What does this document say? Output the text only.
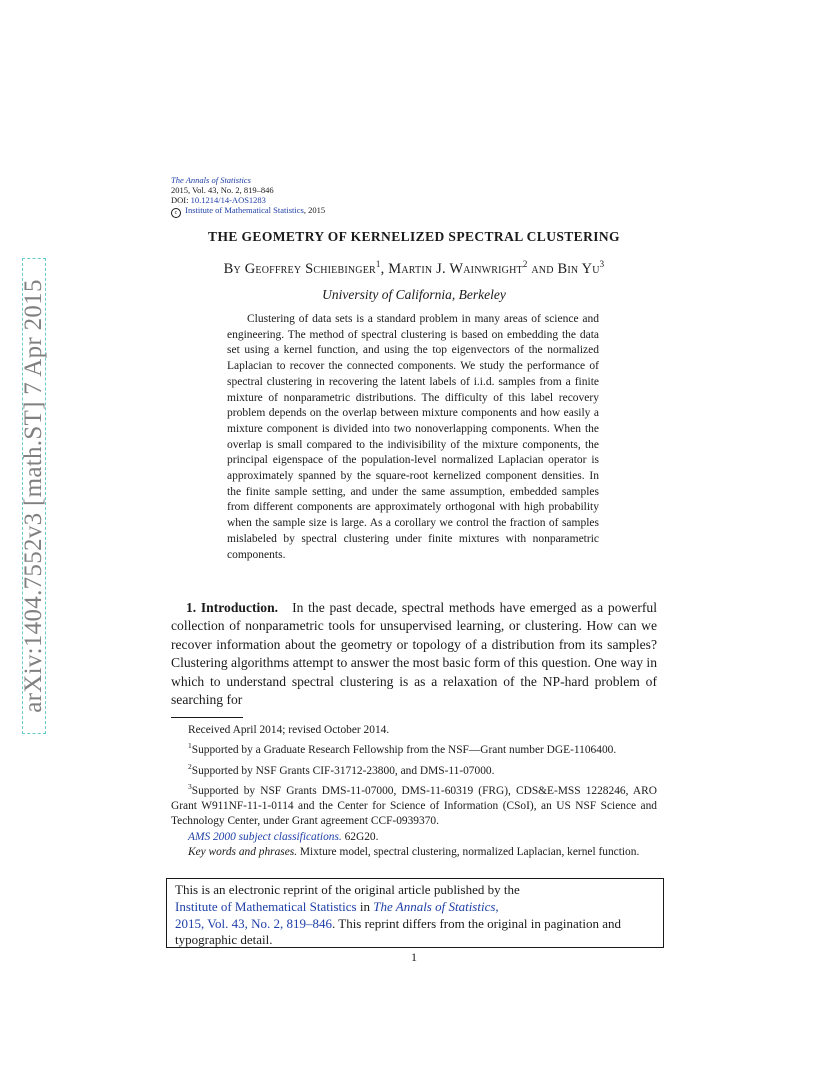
arXiv:1404.7552v3 [math.ST] 7 Apr 2015
The Annals of Statistics
2015, Vol. 43, No. 2, 819–846
DOI: 10.1214/14-AOS1283
c Institute of Mathematical Statistics, 2015
THE GEOMETRY OF KERNELIZED SPECTRAL CLUSTERING
By Geoffrey Schiebinger$^1$, Martin J. Wainwright$^2$ and Bin Yu$^3$
University of California, Berkeley
Clustering of data sets is a standard problem in many areas of science and engineering. The method of spectral clustering is based on embedding the data set using a kernel function, and using the top eigenvectors of the normalized Laplacian to recover the connected components. We study the performance of spectral clustering in recovering the latent labels of i.i.d. samples from a finite mixture of nonparametric distributions. The difficulty of this label recovery problem depends on the overlap between mixture components and how easily a mixture component is divided into two nonoverlapping components. When the overlap is small compared to the indivisibility of the mixture components, the principal eigenspace of the population-level normalized Laplacian operator is approximately spanned by the square-root kernelized component densities. In the finite sample setting, and under the same assumption, embedded samples from different components are approximately orthogonal with high probability when the sample size is large. As a corollary we control the fraction of samples mislabeled by spectral clustering under finite mixtures with nonparametric components.
1. Introduction. In the past decade, spectral methods have emerged as a powerful collection of nonparametric tools for unsupervised learning, or clustering. How can we recover information about the geometry or topology of a distribution from its samples? Clustering algorithms attempt to answer the most basic form of this question. One way in which to understand spectral clustering is as a relaxation of the NP-hard problem of searching for

Received April 2014; revised October 2014.

$^1$Supported by a Graduate Research Fellowship from the NSF—Grant number DGE-1106400.

$^2$Supported by NSF Grants CIF-31712-23800, and DMS-11-07000.

$^3$Supported by NSF Grants DMS-11-07000, DMS-11-60319 (FRG), CDS&E-MSS 1228246, ARO Grant W911NF-11-1-0114 and the Center for Science of Information (CSoI), an US NSF Science and Technology Center, under Grant agreement CCF-0939370.

AMS 2000 subject classifications. 62G20.

Key words and phrases. Mixture model, spectral clustering, normalized Laplacian, kernel function.

This is an electronic reprint of the original article published by the
Institute of Mathematical Statistics in The Annals of Statistics,
2015, Vol. 43, No. 2, 819–846. This reprint differs from the original in pagination and typographic detail.
1
